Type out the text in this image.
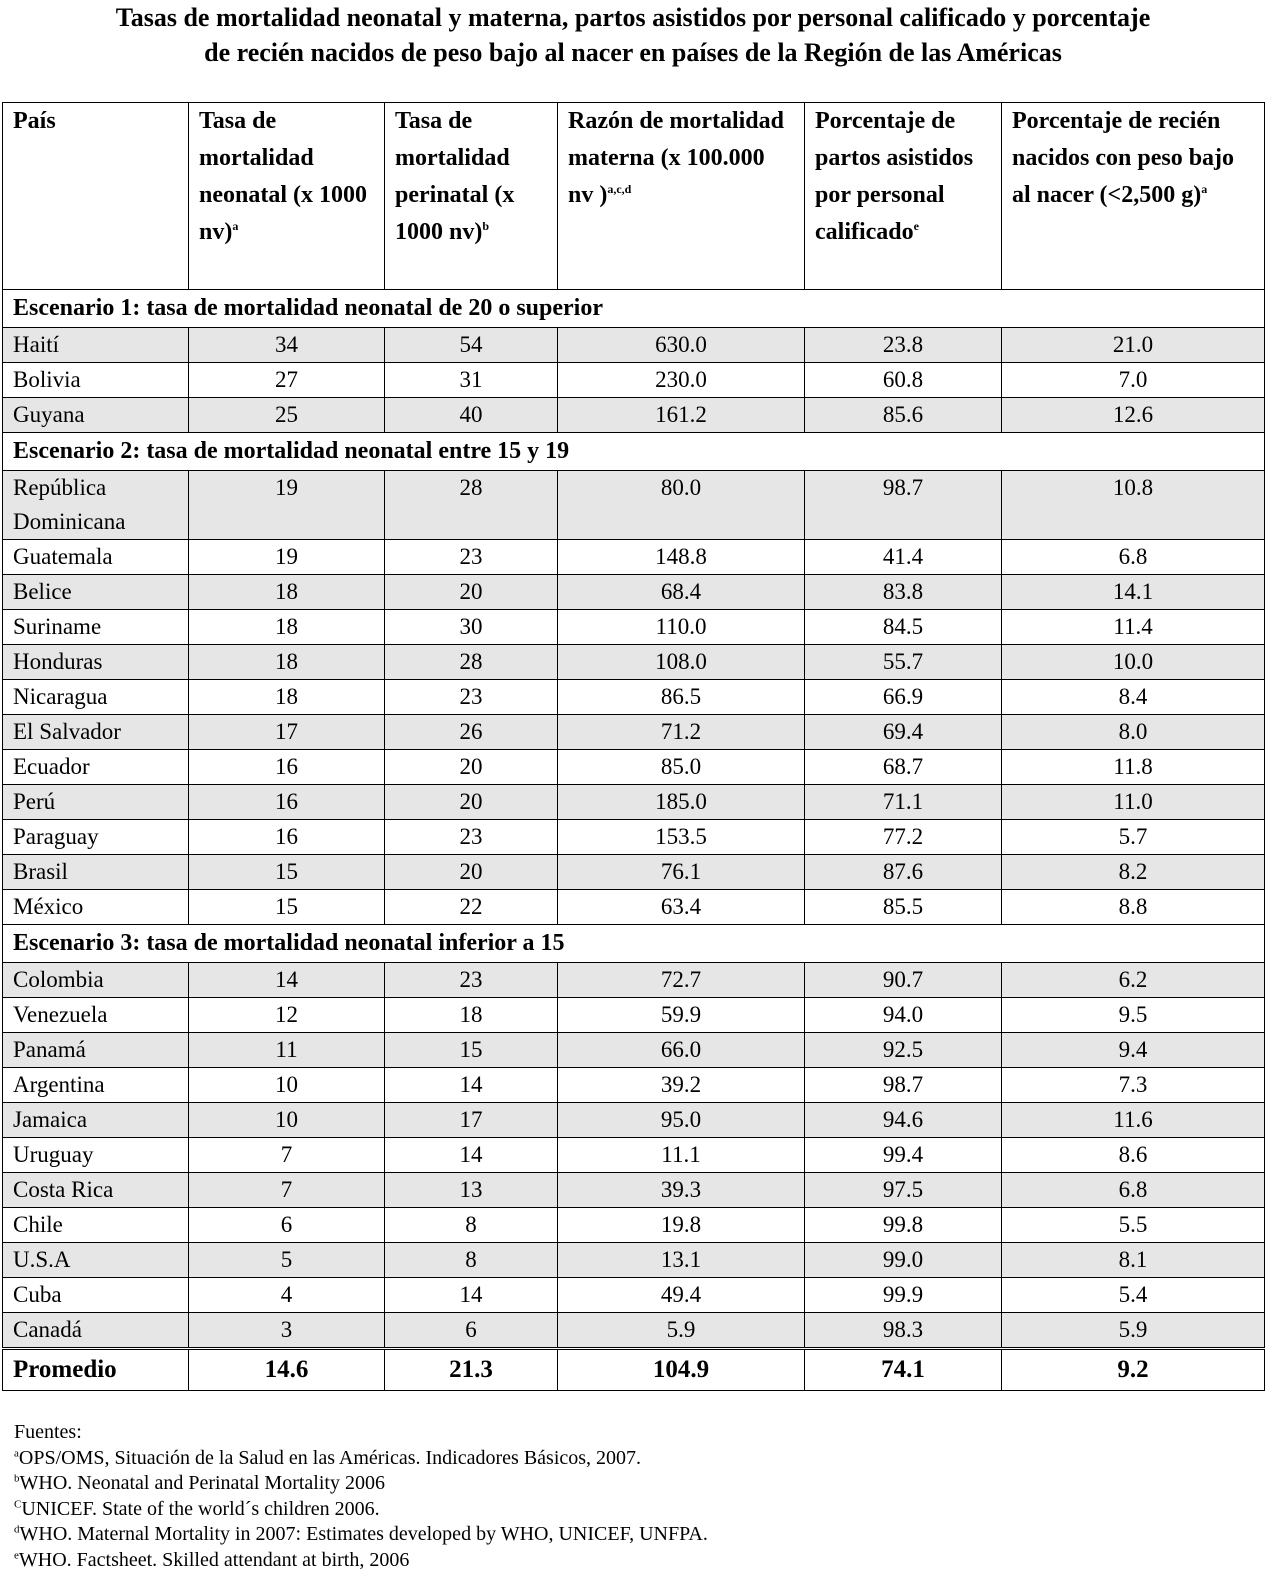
Tasas de mortalidad neonatal y materna, partos asistidos por personal calificado y porcentaje
de recién nacidos de peso bajo al nacer en países de la Región de las Américas
País	Tasa de mortalidad neonatal (x 1000 nv)$^a$	Tasa de mortalidad perinatal (x 1000 nv)$^b$	Razón de mortalidad materna (x 100.000 nv )$^{a,c,d}$	Porcentaje de partos asistidos por personal calificado$^e$	Porcentaje de recién nacidos con peso bajo al nacer (<2,500 g)$^a$
Escenario 1: tasa de mortalidad neonatal de 20 o superior					
Haití	34	54	630.0	23.8	21.0
Bolivia	27	31	230.0	60.8	7.0
Guyana	25	40	161.2	85.6	12.6
Escenario 2: tasa de mortalidad neonatal entre 15 y 19					
República Dominicana	19	28	80.0	98.7	10.8
Guatemala	19	23	148.8	41.4	6.8
Belice	18	20	68.4	83.8	14.1
Suriname	18	30	110.0	84.5	11.4
Honduras	18	28	108.0	55.7	10.0
Nicaragua	18	23	86.5	66.9	8.4
El Salvador	17	26	71.2	69.4	8.0
Ecuador	16	20	85.0	68.7	11.8
Perú	16	20	185.0	71.1	11.0
Paraguay	16	23	153.5	77.2	5.7
Brasil	15	20	76.1	87.6	8.2
México	15	22	63.4	85.5	8.8
Escenario 3: tasa de mortalidad neonatal inferior a 15					
Colombia	14	23	72.7	90.7	6.2
Venezuela	12	18	59.9	94.0	9.5
Panamá	11	15	66.0	92.5	9.4
Argentina	10	14	39.2	98.7	7.3
Jamaica	10	17	95.0	94.6	11.6
Uruguay	7	14	11.1	99.4	8.6
Costa Rica	7	13	39.3	97.5	6.8
Chile	6	8	19.8	99.8	5.5
U.S.A	5	8	13.1	99.0	8.1
Cuba	4	14	49.4	99.9	5.4
Canadá	3	6	5.9	98.3	5.9
Promedio	14.6	21.3	104.9	74.1	9.2
Fuentes:
$^a$OPS/OMS, Situación de la Salud en las Américas. Indicadores Básicos, 2007.
$^b$WHO. Neonatal and Perinatal Mortality 2006
$^C$UNICEF. State of the world´s children 2006.
$^d$WHO. Maternal Mortality in 2007: Estimates developed by WHO, UNICEF, UNFPA.
$^e$WHO. Factsheet. Skilled attendant at birth, 2006
